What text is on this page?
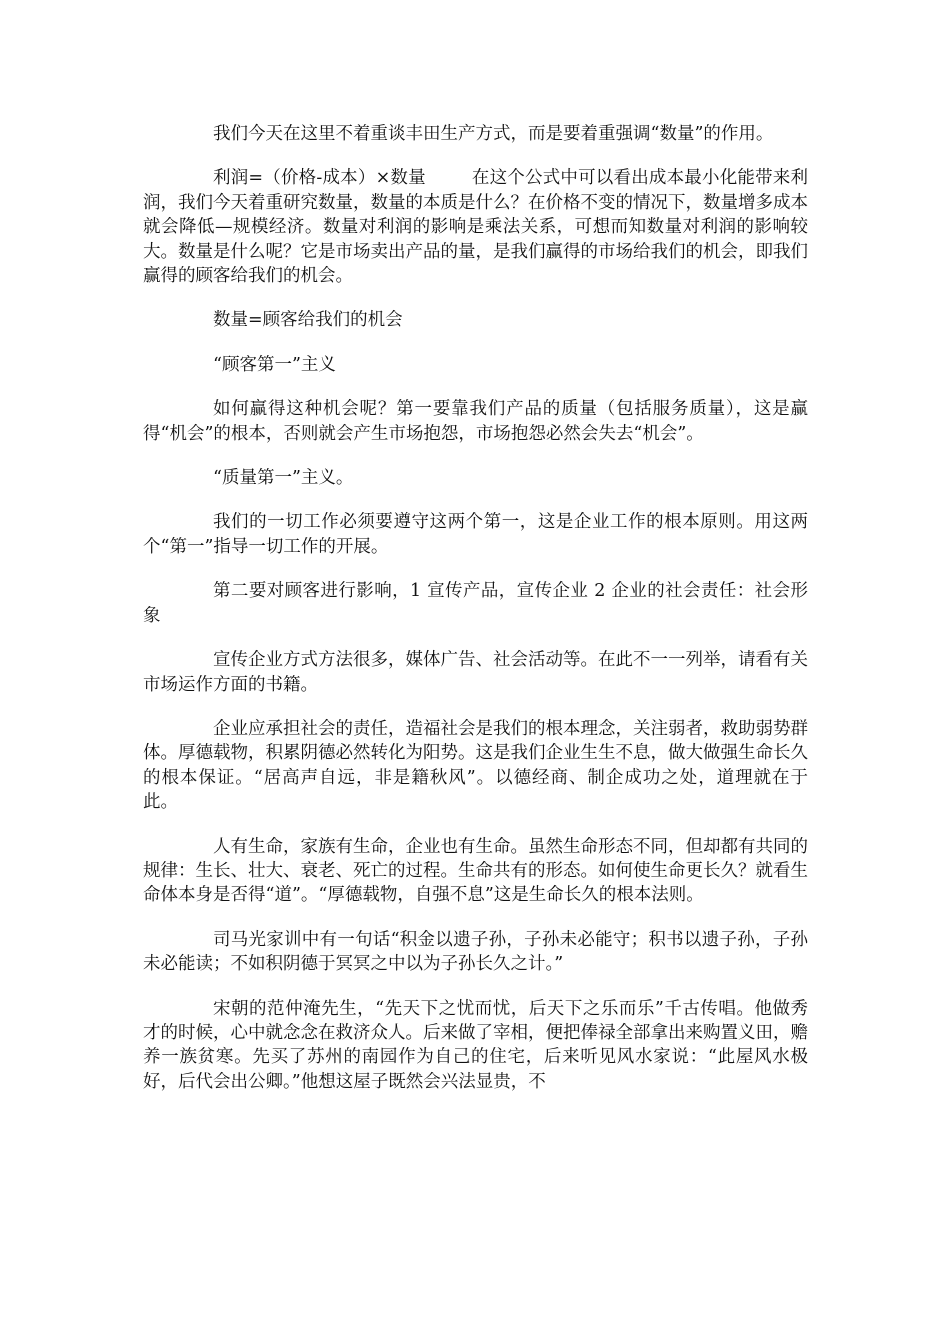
我们今天在这里不着重谈丰田生产方式，而是要着重强调“数量”的作用。

利润=（价格-成本）×数量        在这个公式中可以看出成本最小化能带来利润，我们今天着重研究数量，数量的本质是什么？在价格不变的情况下，数量增多成本就会降低—规模经济。数量对利润的影响是乘法关系，可想而知数量对利润的影响较大。数量是什么呢？它是市场卖出产品的量，是我们赢得的市场给我们的机会，即我们赢得的顾客给我们的机会。

数量=顾客给我们的机会

“顾客第一”主义

如何赢得这种机会呢？第一要靠我们产品的质量（包括服务质量），这是赢得“机会”的根本，否则就会产生市场抱怨，市场抱怨必然会失去“机会”。

“质量第一”主义。

我们的一切工作必须要遵守这两个第一，这是企业工作的根本原则。用这两个“第一”指导一切工作的开展。

第二要对顾客进行影响，1 宣传产品，宣传企业 2 企业的社会责任：社会形象

宣传企业方式方法很多，媒体广告、社会活动等。在此不一一列举，请看有关市场运作方面的书籍。

企业应承担社会的责任，造福社会是我们的根本理念，关注弱者，救助弱势群体。厚德载物，积累阴德必然转化为阳势。这是我们企业生生不息，做大做强生命长久的根本保证。“居高声自远，非是籍秋风”。以德经商、制企成功之处，道理就在于此。

人有生命，家族有生命，企业也有生命。虽然生命形态不同，但却都有共同的规律：生长、壮大、衰老、死亡的过程。生命共有的形态。如何使生命更长久？就看生命体本身是否得“道”。“厚德载物，自强不息”这是生命长久的根本法则。

司马光家训中有一句话“积金以遗子孙，子孙未必能守；积书以遗子孙，子孙未必能读；不如积阴德于冥冥之中以为子孙长久之计。”

宋朝的范仲淹先生，“先天下之忧而忧，后天下之乐而乐”千古传唱。他做秀才的时候，心中就念念在救济众人。后来做了宰相，便把俸禄全部拿出来购置义田，赡养一族贫寒。先买了苏州的南园作为自己的住宅，后来听见风水家说：“此屋风水极好，后代会出公卿。”他想这屋子既然会兴法显贵，不
